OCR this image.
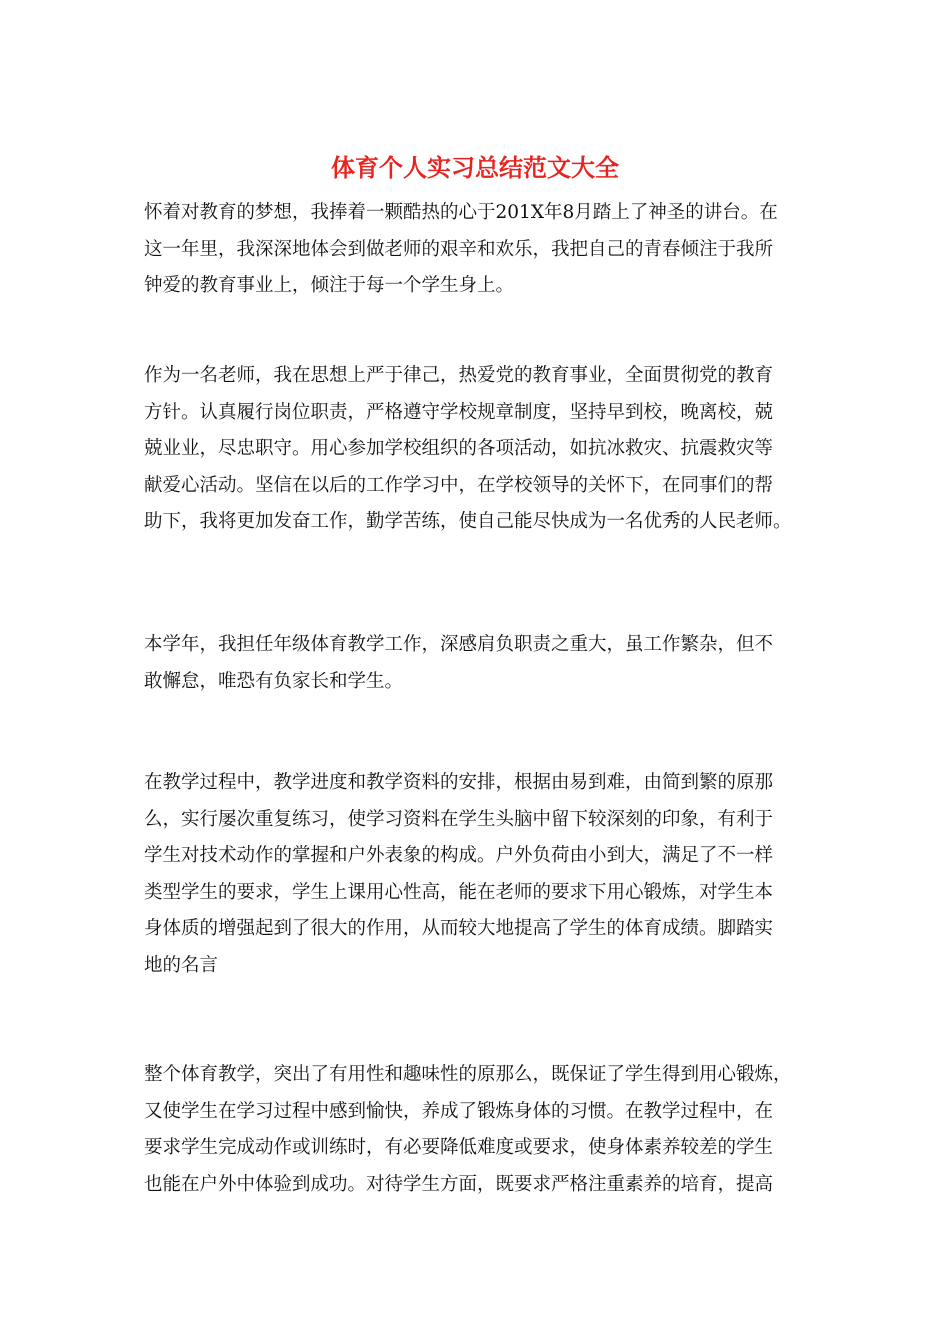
体育个人实习总结范文大全

怀着对教育的梦想，我捧着一颗酷热的心于201X年8月踏上了神圣的讲台。在
这一年里，我深深地体会到做老师的艰辛和欢乐，我把自己的青春倾注于我所
钟爱的教育事业上，倾注于每一个学生身上。

作为一名老师，我在思想上严于律己，热爱党的教育事业，全面贯彻党的教育
方针。认真履行岗位职责，严格遵守学校规章制度，坚持早到校，晚离校，兢
兢业业，尽忠职守。用心参加学校组织的各项活动，如抗冰救灾、抗震救灾等
献爱心活动。坚信在以后的工作学习中，在学校领导的关怀下，在同事们的帮
助下，我将更加发奋工作，勤学苦练，使自己能尽快成为一名优秀的人民老师。

本学年，我担任年级体育教学工作，深感肩负职责之重大，虽工作繁杂，但不
敢懈怠，唯恐有负家长和学生。

在教学过程中，教学进度和教学资料的安排，根据由易到难，由简到繁的原那
么，实行屡次重复练习，使学习资料在学生头脑中留下较深刻的印象，有利于
学生对技术动作的掌握和户外表象的构成。户外负荷由小到大，满足了不一样
类型学生的要求，学生上课用心性高，能在老师的要求下用心锻炼，对学生本
身体质的增强起到了很大的作用，从而较大地提高了学生的体育成绩。脚踏实
地的名言

整个体育教学，突出了有用性和趣味性的原那么，既保证了学生得到用心锻炼，
又使学生在学习过程中感到愉快，养成了锻炼身体的习惯。在教学过程中，在
要求学生完成动作或训练时，有必要降低难度或要求，使身体素养较差的学生
也能在户外中体验到成功。对待学生方面，既要求严格注重素养的培育，提高
